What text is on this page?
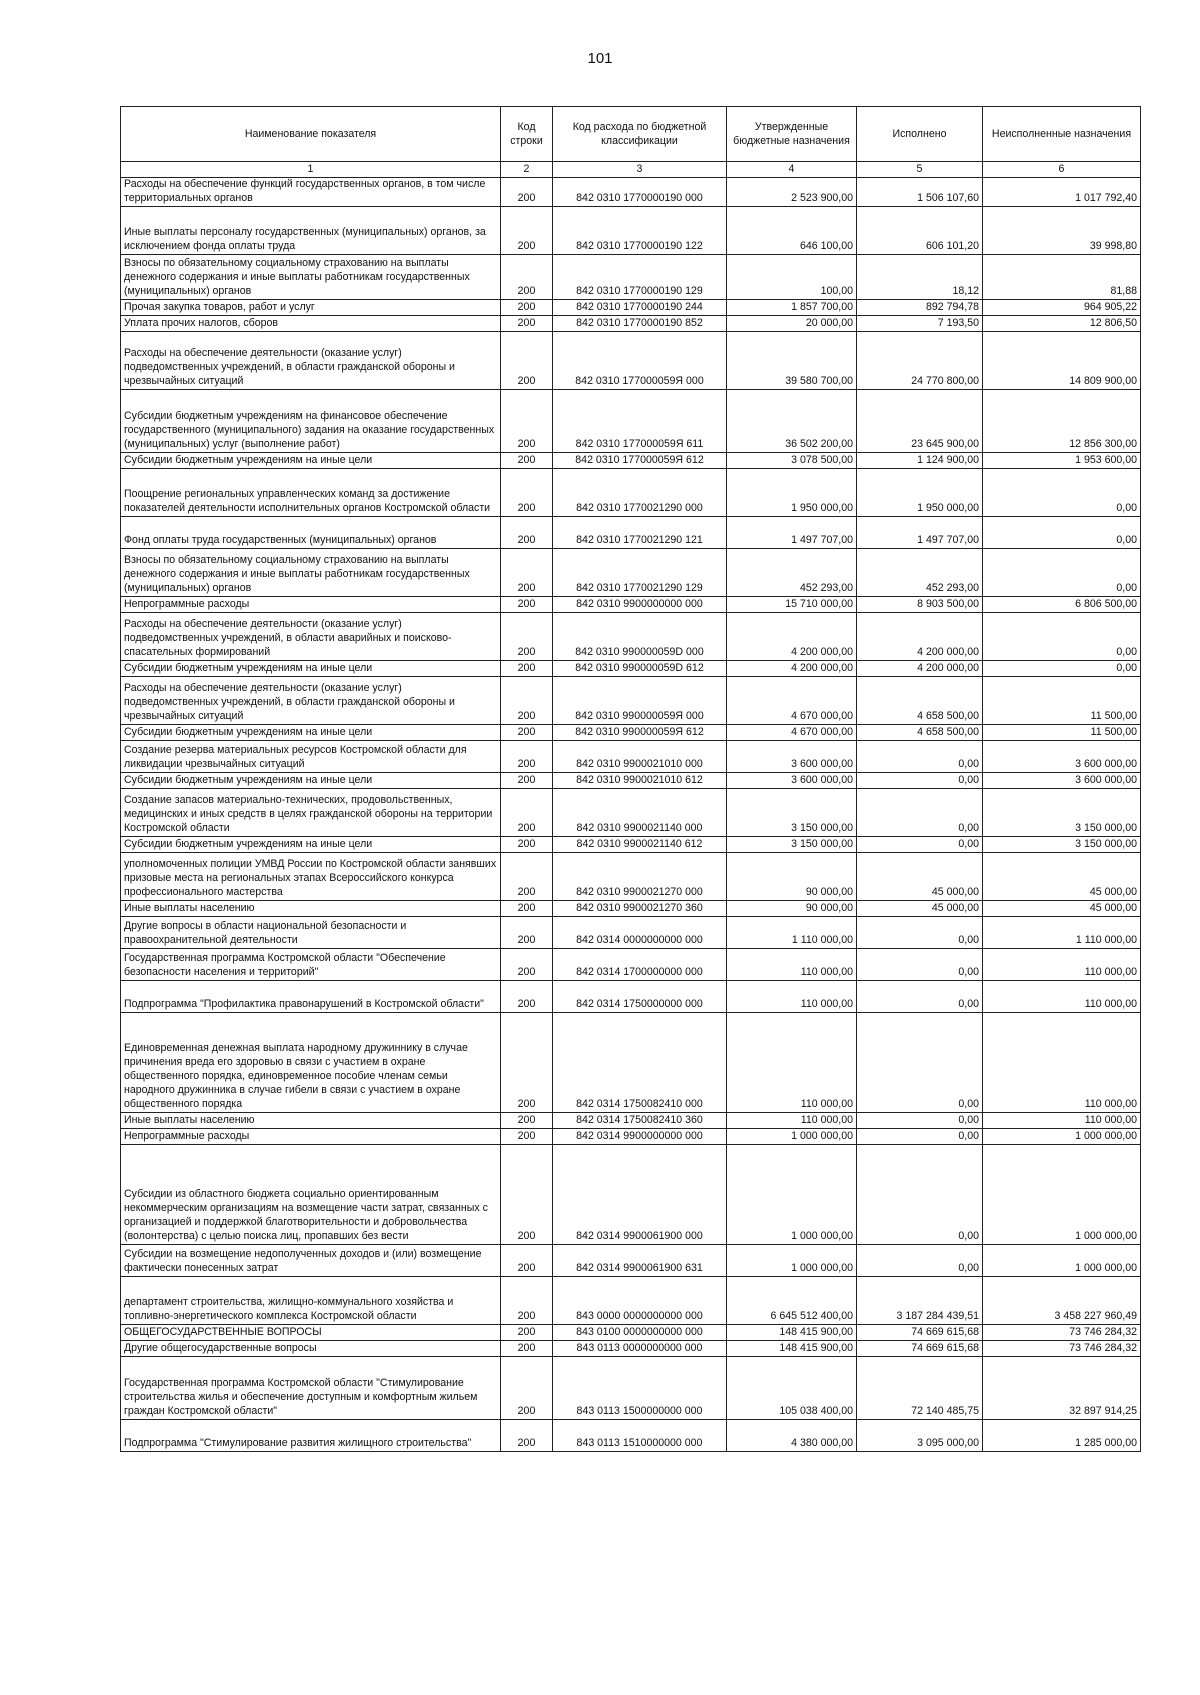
101
Наименование показателя	Код строки	Код расхода по бюджетной классификации	Утвержденные бюджетные назначения	Исполнено	Неисполненные назначения
1	2	3	4	5	6
Расходы на обеспечение функций государственных органов, в том числе территориальных органов	200	842 0310 1770000190 000	2 523 900,00	1 506 107,60	1 017 792,40
Иные выплаты персоналу государственных (муниципальных) органов, за исключением фонда оплаты труда	200	842 0310 1770000190 122	646 100,00	606 101,20	39 998,80
Взносы по обязательному социальному страхованию на выплаты денежного содержания и иные выплаты работникам государственных (муниципальных) органов	200	842 0310 1770000190 129	100,00	18,12	81,88
Прочая закупка товаров, работ и услуг	200	842 0310 1770000190 244	1 857 700,00	892 794,78	964 905,22
Уплата прочих налогов, сборов	200	842 0310 1770000190 852	20 000,00	7 193,50	12 806,50
Расходы на обеспечение деятельности (оказание услуг) подведомственных учреждений, в области гражданской обороны и чрезвычайных ситуаций	200	842 0310 177000059Я 000	39 580 700,00	24 770 800,00	14 809 900,00
Субсидии бюджетным учреждениям на финансовое обеспечение государственного (муниципального) задания на оказание государственных (муниципальных) услуг (выполнение работ)	200	842 0310 177000059Я 611	36 502 200,00	23 645 900,00	12 856 300,00
Субсидии бюджетным учреждениям на иные цели	200	842 0310 177000059Я 612	3 078 500,00	1 124 900,00	1 953 600,00
Поощрение региональных управленческих команд за достижение показателей деятельности исполнительных органов Костромской области	200	842 0310 1770021290 000	1 950 000,00	1 950 000,00	0,00
Фонд оплаты труда государственных (муниципальных) органов	200	842 0310 1770021290 121	1 497 707,00	1 497 707,00	0,00
Взносы по обязательному социальному страхованию на выплаты денежного содержания и иные выплаты работникам государственных (муниципальных) органов	200	842 0310 1770021290 129	452 293,00	452 293,00	0,00
Непрограммные расходы	200	842 0310 9900000000 000	15 710 000,00	8 903 500,00	6 806 500,00
Расходы на обеспечение деятельности (оказание услуг) подведомственных учреждений, в области аварийных и поисково-спасательных формирований	200	842 0310 990000059D 000	4 200 000,00	4 200 000,00	0,00
Субсидии бюджетным учреждениям на иные цели	200	842 0310 990000059D 612	4 200 000,00	4 200 000,00	0,00
Расходы на обеспечение деятельности (оказание услуг) подведомственных учреждений, в области гражданской обороны и чрезвычайных ситуаций	200	842 0310 990000059Я 000	4 670 000,00	4 658 500,00	11 500,00
Субсидии бюджетным учреждениям на иные цели	200	842 0310 990000059Я 612	4 670 000,00	4 658 500,00	11 500,00
Создание резерва материальных ресурсов Костромской области для ликвидации чрезвычайных ситуаций	200	842 0310 9900021010 000	3 600 000,00	0,00	3 600 000,00
Субсидии бюджетным учреждениям на иные цели	200	842 0310 9900021010 612	3 600 000,00	0,00	3 600 000,00
Создание запасов материально-технических, продовольственных, медицинских и иных средств в целях гражданской обороны на территории Костромской области	200	842 0310 9900021140 000	3 150 000,00	0,00	3 150 000,00
Субсидии бюджетным учреждениям на иные цели	200	842 0310 9900021140 612	3 150 000,00	0,00	3 150 000,00
уполномоченных полиции УМВД России по Костромской области занявших призовые места на региональных этапах Всероссийского конкурса профессионального мастерства	200	842 0310 9900021270 000	90 000,00	45 000,00	45 000,00
Иные выплаты населению	200	842 0310 9900021270 360	90 000,00	45 000,00	45 000,00
Другие вопросы в области национальной безопасности и правоохранительной деятельности	200	842 0314 0000000000 000	1 110 000,00	0,00	1 110 000,00
Государственная программа Костромской области "Обеспечение безопасности населения и территорий"	200	842 0314 1700000000 000	110 000,00	0,00	110 000,00
Подпрограмма "Профилактика правонарушений в Костромской области"	200	842 0314 1750000000 000	110 000,00	0,00	110 000,00
Единовременная денежная выплата народному дружиннику в случае причинения вреда его здоровью в связи с участием в охране общественного порядка, единовременное пособие членам семьи народного дружинника в случае гибели в связи с участием в охране общественного порядка	200	842 0314 1750082410 000	110 000,00	0,00	110 000,00
Иные выплаты населению	200	842 0314 1750082410 360	110 000,00	0,00	110 000,00
Непрограммные расходы	200	842 0314 9900000000 000	1 000 000,00	0,00	1 000 000,00
Субсидии из областного бюджета социально ориентированным некоммерческим организациям на возмещение части затрат, связанных с организацией и поддержкой благотворительности и добровольчества (волонтерства) с целью поиска лиц, пропавших без вести	200	842 0314 9900061900 000	1 000 000,00	0,00	1 000 000,00
Субсидии на возмещение недополученных доходов и (или) возмещение фактически понесенных затрат	200	842 0314 9900061900 631	1 000 000,00	0,00	1 000 000,00
департамент строительства, жилищно-коммунального хозяйства и топливно-энергетического комплекса Костромской области	200	843 0000 0000000000 000	6 645 512 400,00	3 187 284 439,51	3 458 227 960,49
ОБЩЕГОСУДАРСТВЕННЫЕ ВОПРОСЫ	200	843 0100 0000000000 000	148 415 900,00	74 669 615,68	73 746 284,32
Другие общегосударственные вопросы	200	843 0113 0000000000 000	148 415 900,00	74 669 615,68	73 746 284,32
Государственная программа Костромской области "Стимулирование строительства жилья и обеспечение доступным и комфортным жильем граждан Костромской области"	200	843 0113 1500000000 000	105 038 400,00	72 140 485,75	32 897 914,25
Подпрограмма "Стимулирование развития жилищного строительства"	200	843 0113 1510000000 000	4 380 000,00	3 095 000,00	1 285 000,00
